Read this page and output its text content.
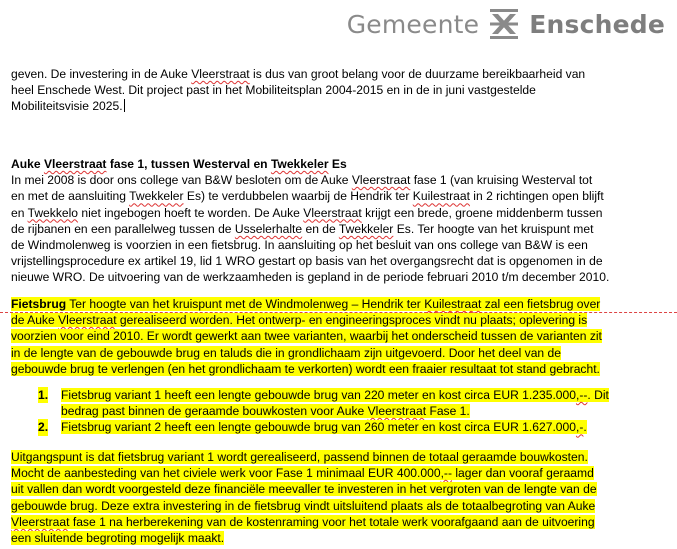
Gemeente Enschede
geven. De investering in de Auke Vleerstraat is dus van groot belang voor de duurzame bereikbaarheid van
heel Enschede West. Dit project past in het Mobiliteitsplan 2004-2015 en in de in juni vastgestelde
Mobiliteitsvisie 2025.
Auke Vleerstraat fase 1, tussen Westerval en Twekkeler Es
In mei 2008 is door ons college van B&W besloten om de Auke Vleerstraat fase 1 (van kruising Westerval tot
en met de aansluiting Twekkeler Es) te verdubbelen waarbij de Hendrik ter Kuilestraat in 2 richtingen open blijft
en Twekkelo niet ingebogen hoeft te worden. De Auke Vleerstraat krijgt een brede, groene middenberm tussen
de rijbanen en een parallelweg tussen de Usselerhalte en de Twekkeler Es. Ter hoogte van het kruispunt met
de Windmolenweg is voorzien in een fietsbrug. In aansluiting op het besluit van ons college van B&W is een
vrijstellingsprocedure ex artikel 19, lid 1 WRO gestart op basis van het overgangsrecht dat is opgenomen in de
nieuwe WRO. De uitvoering van de werkzaamheden is gepland in de periode februari 2010 t/m december 2010.
Fietsbrug Ter hoogte van het kruispunt met de Windmolenweg – Hendrik ter Kuilestraat zal een fietsbrug over
de Auke Vleerstraat gerealiseerd worden. Het ontwerp- en engineeringsproces vindt nu plaats; oplevering is
voorzien voor eind 2010. Er wordt gewerkt aan twee varianten, waarbij het onderscheid tussen de varianten zit
in de lengte van de gebouwde brug en taluds die in grondlichaam zijn uitgevoerd. Door het deel van de
gebouwde brug te verlengen (en het grondlichaam te verkorten) wordt een fraaier resultaat tot stand gebracht.
1. Fietsbrug variant 1 heeft een lengte gebouwde brug van 220 meter en kost circa EUR 1.235.000,--. Dit
bedrag past binnen de geraamde bouwkosten voor Auke Vleerstraat Fase 1.
2. Fietsbrug variant 2 heeft een lengte gebouwde brug van 260 meter en kost circa EUR 1.627.000,-.
Uitgangspunt is dat fietsbrug variant 1 wordt gerealiseerd, passend binnen de totaal geraamde bouwkosten.
Mocht de aanbesteding van het civiele werk voor Fase 1 minimaal EUR 400.000,-- lager dan vooraf geraamd
uit vallen dan wordt voorgesteld deze financiële meevaller te investeren in het vergroten van de lengte van de
gebouwde brug. Deze extra investering in de fietsbrug vindt uitsluitend plaats als de totaalbegroting van Auke
Vleerstraat fase 1 na herberekening van de kostenraming voor het totale werk voorafgaand aan de uitvoering
een sluitende begroting mogelijk maakt.
